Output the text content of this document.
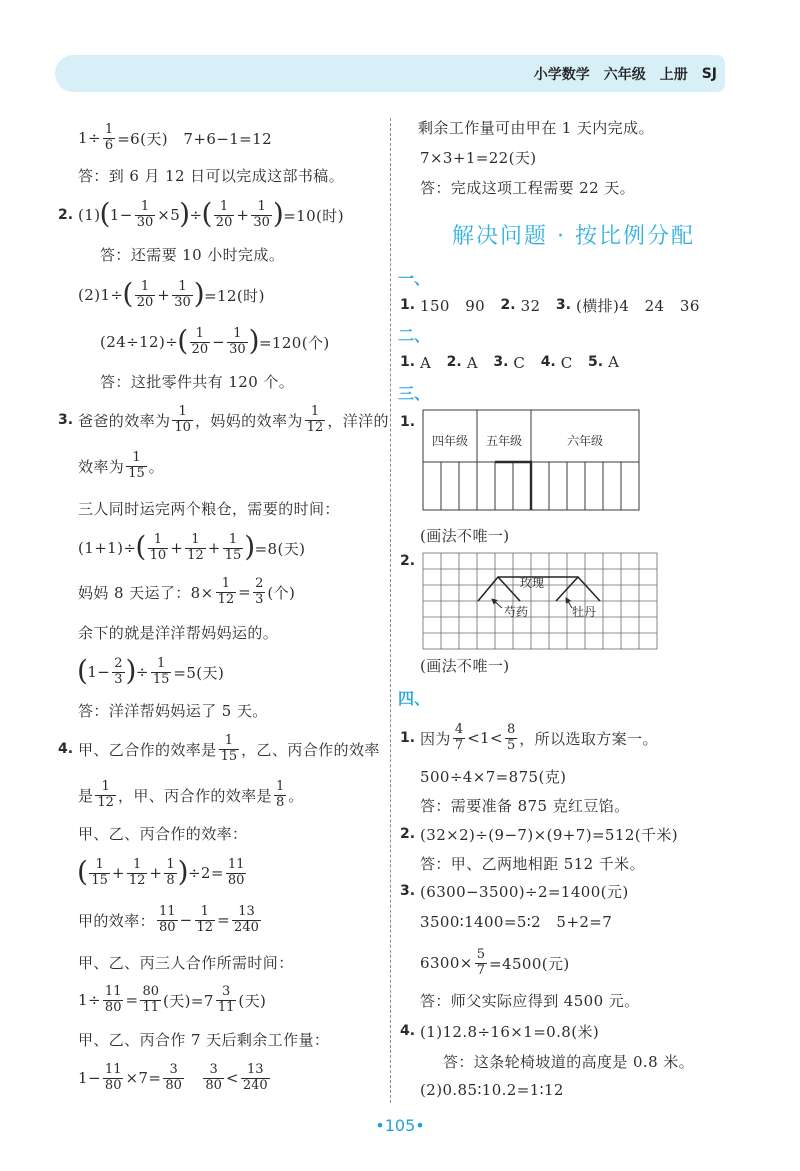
小学数学 六年级 上册 SJ
$1\div \frac{1}{6} =6$(天)　7+6−1=12
答：到 6 月 12 日可以完成这部书稿。
2. (1) ( $1- \frac{1}{30} \times 5$ ) ÷ ( $\frac{1}{20} + \frac{1}{30}$ ) =10(时)
答：还需要 10 小时完成。
(2)1÷ ( $\frac{1}{20} + \frac{1}{30}$ ) =12(时)
(24÷12)÷ ( $\frac{1}{20} - \frac{1}{30}$ ) =120(个)
答：这批零件共有 120 个。
3. 爸爸的效率为 $\frac{1}{10}$ ，妈妈的效率为 $\frac{1}{12}$ ，洋洋的
效率为 $\frac{1}{15}$ 。
三人同时运完两个粮仓，需要的时间：
(1+1)÷ ( $\frac{1}{10} + \frac{1}{12} + \frac{1}{15}$ ) =8(天)
妈妈 8 天运了：$8\times \frac{1}{12} = \frac{2}{3}$ (个)
余下的就是洋洋帮妈妈运的。
( $1- \frac{2}{3}$ ) ÷ $\frac{1}{15} =5$(天)
答：洋洋帮妈妈运了 5 天。
4. 甲、乙合作的效率是 $\frac{1}{15}$ ，乙、丙合作的效率
是 $\frac{1}{12}$ ，甲、丙合作的效率是 $\frac{1}{8}$ 。
甲、乙、丙合作的效率：
( $\frac{1}{15} + \frac{1}{12} + \frac{1}{8}$ ) $\div 2= \frac{11}{80}$
甲的效率： $\frac{11}{80} - \frac{1}{12} = \frac{13}{240}$
甲、乙、丙三人合作所需时间：
$1\div \frac{11}{80} = \frac{80}{11}$ (天)$=7 \frac{3}{11}$ (天)
甲、乙、丙合作 7 天后剩余工作量：
$1- \frac{11}{80} \times 7= \frac{3}{80}$
　 $\frac{3}{80} < \frac{13}{240}$
剩余工作量可由甲在 1 天内完成。
7×3+1=22(天)
答：完成这项工程需要 22 天。
解决问题 · 按比例分配
一、
1. 150　90　 2. 32　 3. (横排)4　24　36
二、
1. A　 2. A　 3. C　 4. C　 5. A
三、
1.
四年级 五年级	六年级
(画法不唯一)
2.
玫瑰
芍药	牡丹
(画法不唯一)
四、
1. 因为 $\frac{4}{7} <1< \frac{8}{5}$ ，所以选取方案一。
500÷4×7=875(克)
答：需要准备 875 克红豆馅。
2. (32×2)÷(9−7)×(9+7)=512(千米)
答：甲、乙两地相距 512 千米。
3. (6300−3500)÷2=1400(元)
3500∶1400=5∶2　5+2=7
$6300\times \frac{5}{7} =4500$(元)
答：师父实际应得到 4500 元。
4. (1)12.8÷16×1=0.8(米)
答：这条轮椅坡道的高度是 0.8 米。
(2)0.85∶10.2=1∶12
•105•
